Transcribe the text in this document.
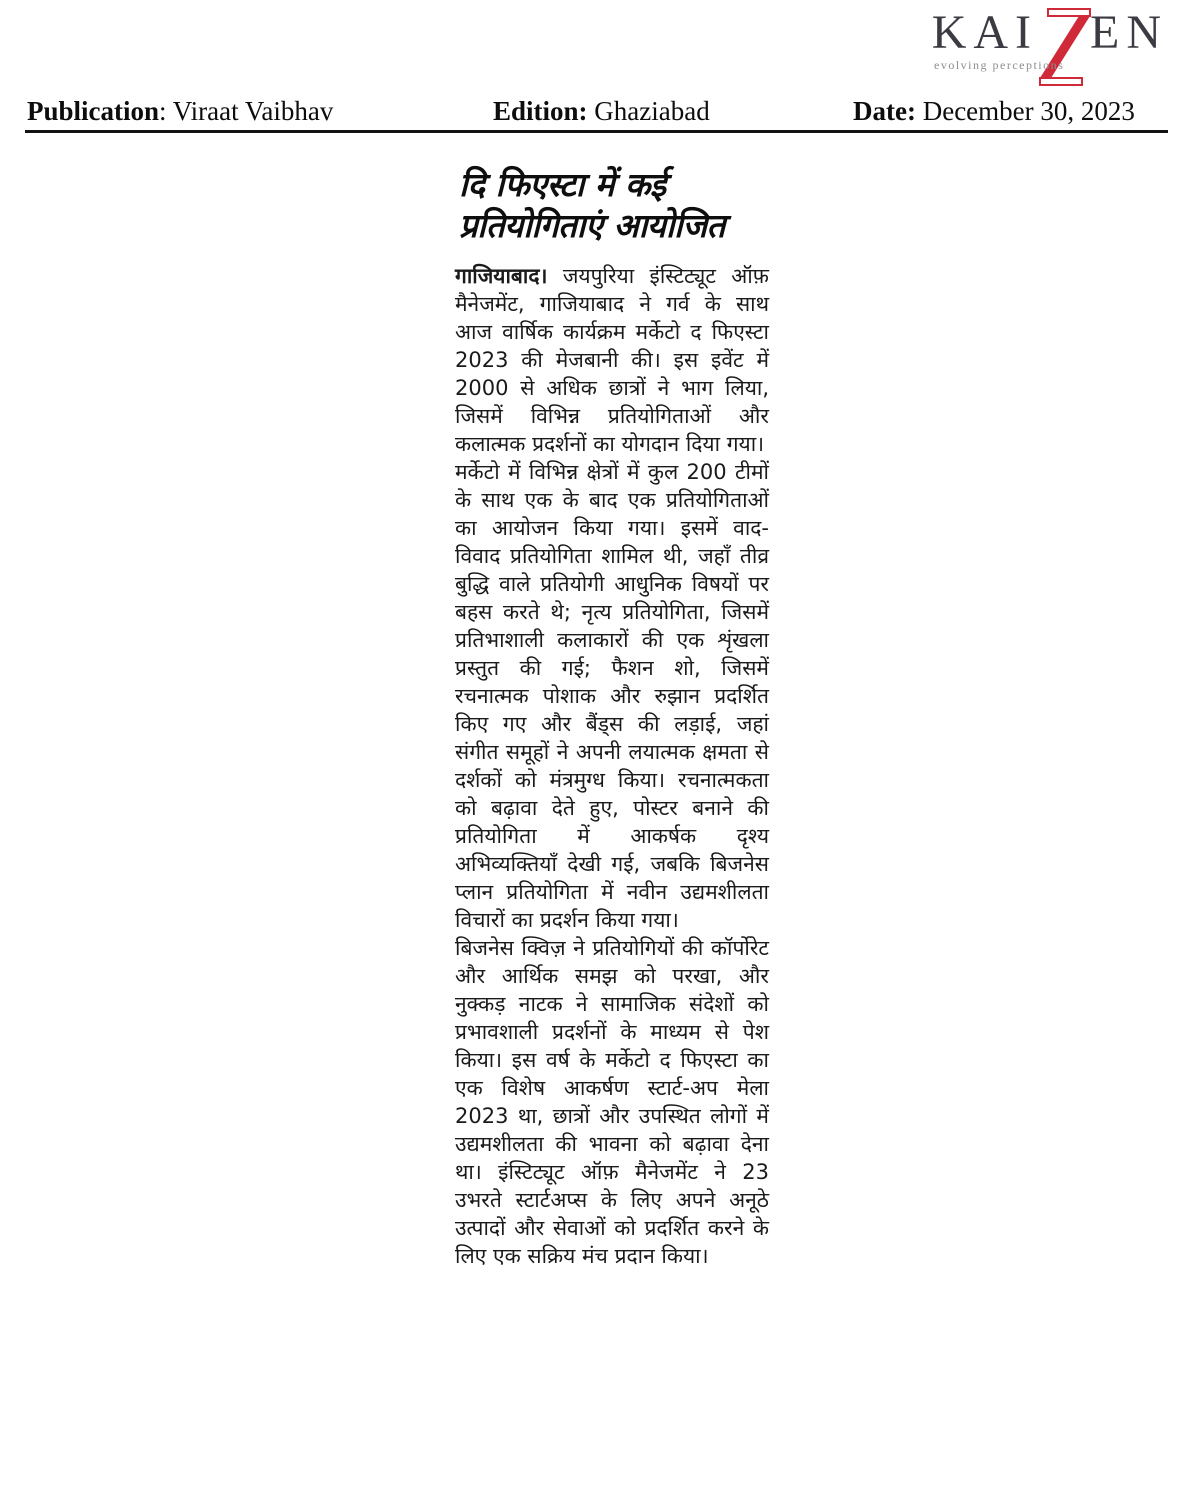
KAI EN
evolving perceptions
Publication: Viraat Vaibhav	Edition: Ghaziabad	Date: December 30, 2023
दि फिएस्टा में कई प्रतियोगिताएं आयोजित

गाजियाबाद। जयपुरिया इंस्टिट्यूट ऑफ़ मैनेजमेंट, गाजियाबाद ने गर्व के साथ आज वार्षिक कार्यक्रम मर्केटो द फिएस्टा 2023 की मेजबानी की। इस इवेंट में 2000 से अधिक छात्रों ने भाग लिया, जिसमें विभिन्न प्रतियोगिताओं और कलात्मक प्रदर्शनों का योगदान दिया गया।

मर्केटो में विभिन्न क्षेत्रों में कुल 200 टीमों के साथ एक के बाद एक प्रतियोगिताओं का आयोजन किया गया। इसमें वाद-विवाद प्रतियोगिता शामिल थी, जहाँ तीव्र बुद्धि वाले प्रतियोगी आधुनिक विषयों पर बहस करते थे; नृत्य प्रतियोगिता, जिसमें प्रतिभाशाली कलाकारों की एक शृंखला प्रस्तुत की गई; फैशन शो, जिसमें रचनात्मक पोशाक और रुझान प्रदर्शित किए गए और बैंड्स की लड़ाई, जहां संगीत समूहों ने अपनी लयात्मक क्षमता से दर्शकों को मंत्रमुग्ध किया। रचनात्मकता को बढ़ावा देते हुए, पोस्टर बनाने की प्रतियोगिता में आकर्षक दृश्य अभिव्यक्तियाँ देखी गई, जबकि बिजनेस प्लान प्रतियोगिता में नवीन उद्यमशीलता विचारों का प्रदर्शन किया गया।

बिजनेस क्विज़ ने प्रतियोगियों की कॉर्पोरेट और आर्थिक समझ को परखा, और नुक्कड़ नाटक ने सामाजिक संदेशों को प्रभावशाली प्रदर्शनों के माध्यम से पेश किया। इस वर्ष के मर्केटो द फिएस्टा का एक विशेष आकर्षण स्टार्ट-अप मेला 2023 था, छात्रों और उपस्थित लोगों में उद्यमशीलता की भावना को बढ़ावा देना था। इंस्टिट्यूट ऑफ़ मैनेजमेंट ने 23 उभरते स्टार्टअप्स के लिए अपने अनूठे उत्पादों और सेवाओं को प्रदर्शित करने के लिए एक सक्रिय मंच प्रदान किया।
